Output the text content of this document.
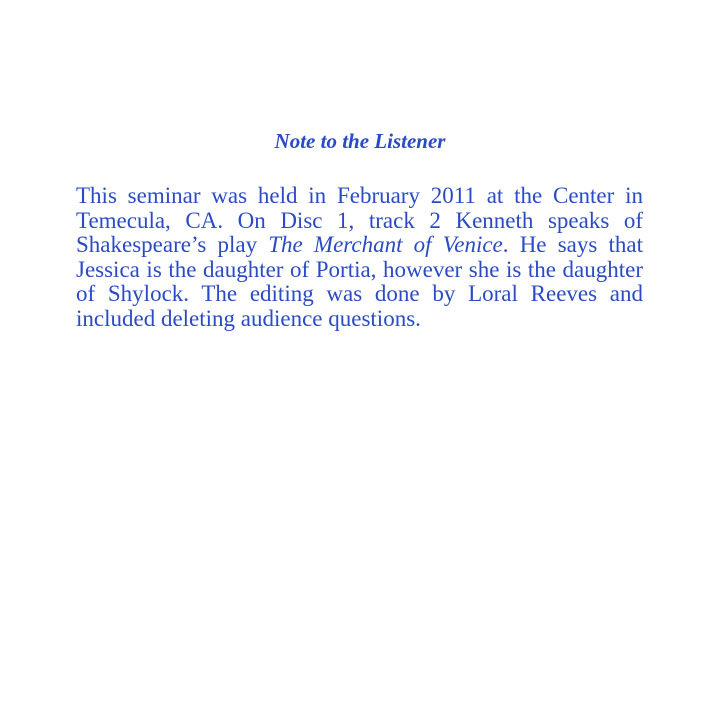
Note to the Listener

This seminar was held in February 2011 at the Center in Temecula, CA. On Disc 1, track 2 Kenneth speaks of Shakespeare’s play The Merchant of Venice. He says that Jessica is the daughter of Portia, however she is the daughter of Shylock. The editing was done by Loral Reeves and included deleting audience questions.
